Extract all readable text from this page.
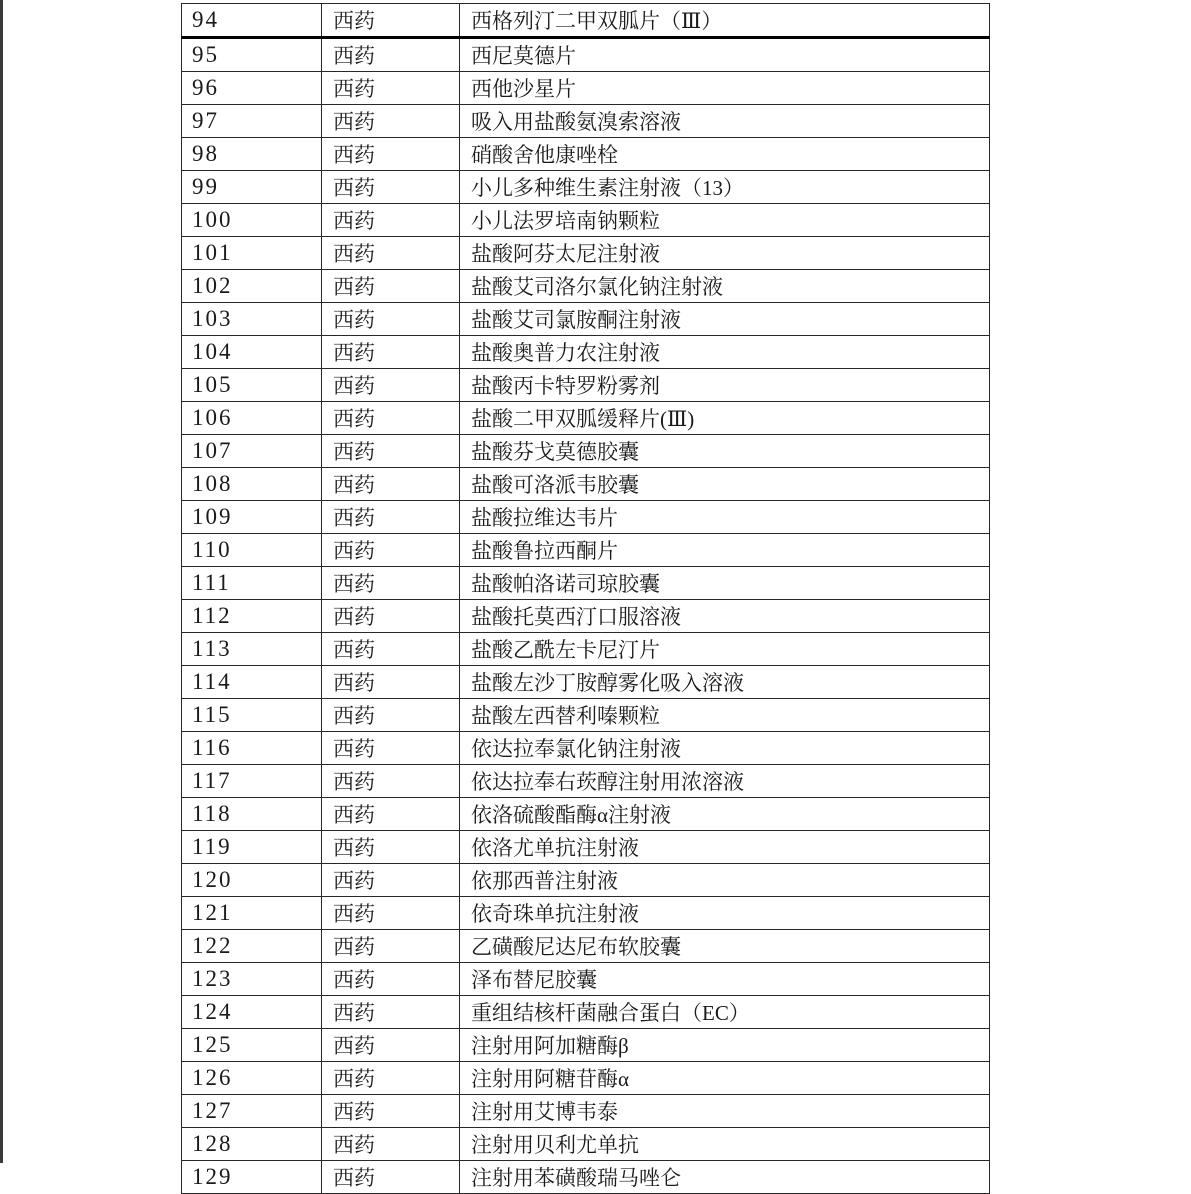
94	西药	西格列汀二甲双胍片（Ⅲ）
95	西药	西尼莫德片
96	西药	西他沙星片
97	西药	吸入用盐酸氨溴索溶液
98	西药	硝酸舍他康唑栓
99	西药	小儿多种维生素注射液（13）
100	西药	小儿法罗培南钠颗粒
101	西药	盐酸阿芬太尼注射液
102	西药	盐酸艾司洛尔氯化钠注射液
103	西药	盐酸艾司氯胺酮注射液
104	西药	盐酸奥普力农注射液
105	西药	盐酸丙卡特罗粉雾剂
106	西药	盐酸二甲双胍缓释片(Ⅲ)
107	西药	盐酸芬戈莫德胶囊
108	西药	盐酸可洛派韦胶囊
109	西药	盐酸拉维达韦片
110	西药	盐酸鲁拉西酮片
111	西药	盐酸帕洛诺司琼胶囊
112	西药	盐酸托莫西汀口服溶液
113	西药	盐酸乙酰左卡尼汀片
114	西药	盐酸左沙丁胺醇雾化吸入溶液
115	西药	盐酸左西替利嗪颗粒
116	西药	依达拉奉氯化钠注射液
117	西药	依达拉奉右莰醇注射用浓溶液
118	西药	依洛硫酸酯酶α注射液
119	西药	依洛尤单抗注射液
120	西药	依那西普注射液
121	西药	依奇珠单抗注射液
122	西药	乙磺酸尼达尼布软胶囊
123	西药	泽布替尼胶囊
124	西药	重组结核杆菌融合蛋白（EC）
125	西药	注射用阿加糖酶β
126	西药	注射用阿糖苷酶α
127	西药	注射用艾博韦泰
128	西药	注射用贝利尤单抗
129	西药	注射用苯磺酸瑞马唑仑
